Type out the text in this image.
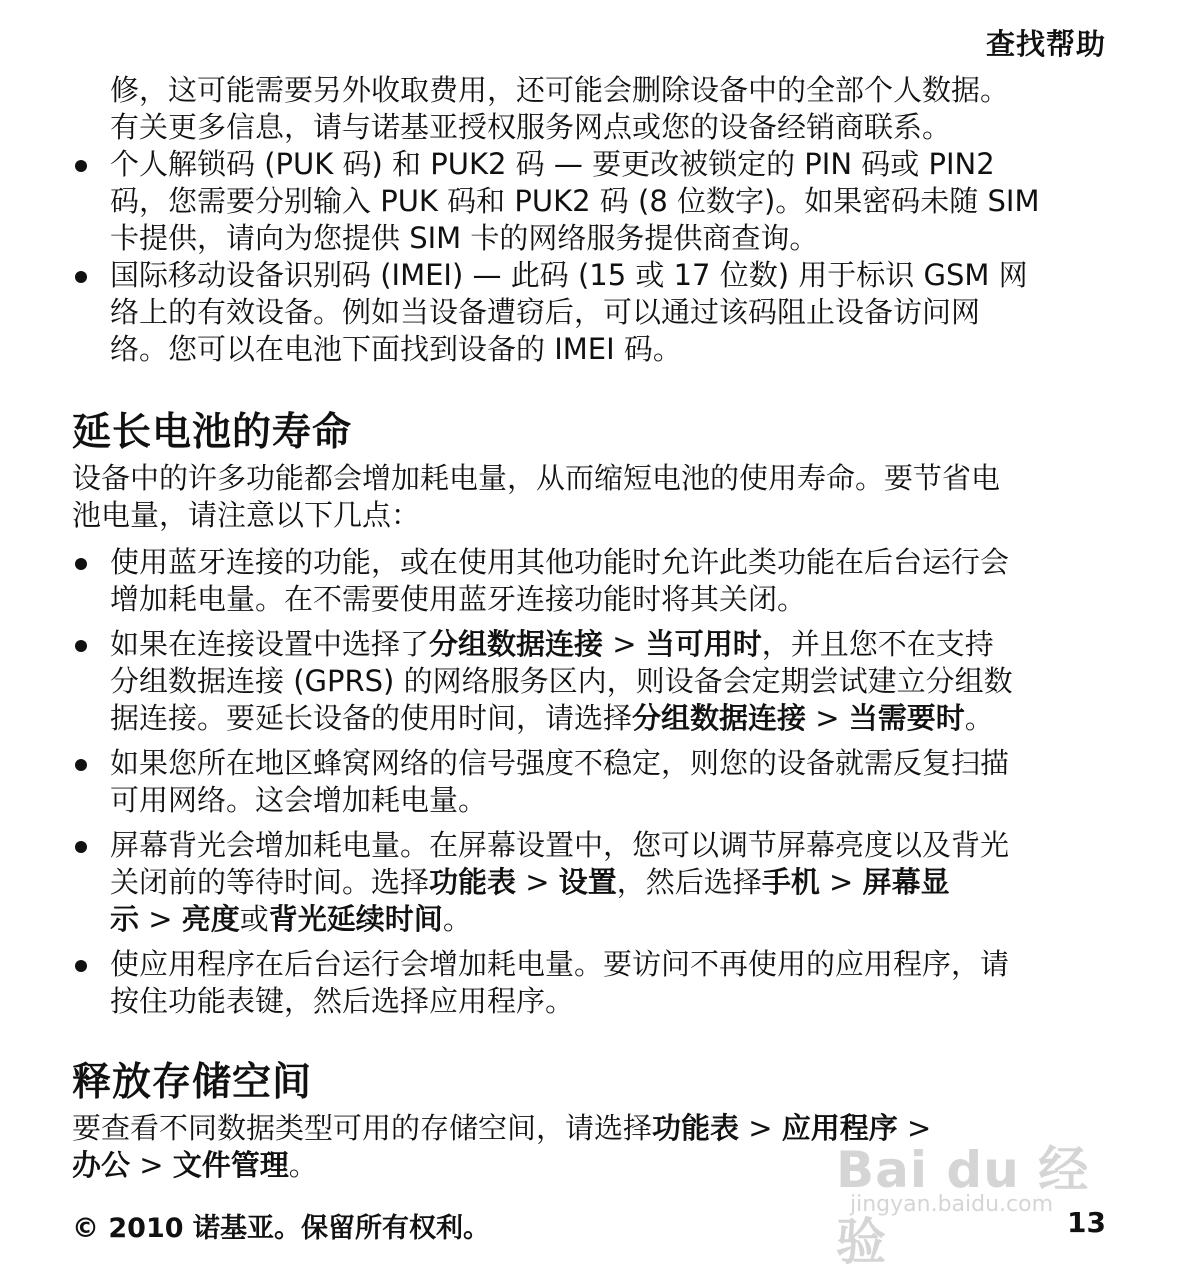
查找帮助
修，这可能需要另外收取费用，还可能会删除设备中的全部个人数据。
有关更多信息，请与诺基亚授权服务网点或您的设备经销商联系。
个人解锁码 (PUK 码) 和 PUK2 码 — 要更改被锁定的 PIN 码或 PIN2
码，您需要分别输入 PUK 码和 PUK2 码 (8 位数字)。如果密码未随 SIM
卡提供，请向为您提供 SIM 卡的网络服务提供商查询。
国际移动设备识别码 (IMEI) — 此码 (15 或 17 位数) 用于标识 GSM 网
络上的有效设备。例如当设备遭窃后，可以通过该码阻止设备访问网
络。您可以在电池下面找到设备的 IMEI 码。
延长电池的寿命
设备中的许多功能都会增加耗电量，从而缩短电池的使用寿命。要节省电
池电量，请注意以下几点：
使用蓝牙连接的功能，或在使用其他功能时允许此类功能在后台运行会
增加耗电量。在不需要使用蓝牙连接功能时将其关闭。
如果在连接设置中选择了分组数据连接 > 当可用时，并且您不在支持
分组数据连接 (GPRS) 的网络服务区内，则设备会定期尝试建立分组数
据连接。要延长设备的使用时间，请选择分组数据连接 > 当需要时。
如果您所在地区蜂窝网络的信号强度不稳定，则您的设备就需反复扫描
可用网络。这会增加耗电量。
屏幕背光会增加耗电量。在屏幕设置中，您可以调节屏幕亮度以及背光
关闭前的等待时间。选择功能表 > 设置，然后选择手机 > 屏幕显
示 > 亮度或背光延续时间。
使应用程序在后台运行会增加耗电量。要访问不再使用的应用程序，请
按住功能表键，然后选择应用程序。
释放存储空间
要查看不同数据类型可用的存储空间，请选择功能表 > 应用程序 >
办公 > 文件管理。	Bai du 经验
jingyan.baidu.com
© 2010 诺基亚。保留所有权利。	13
